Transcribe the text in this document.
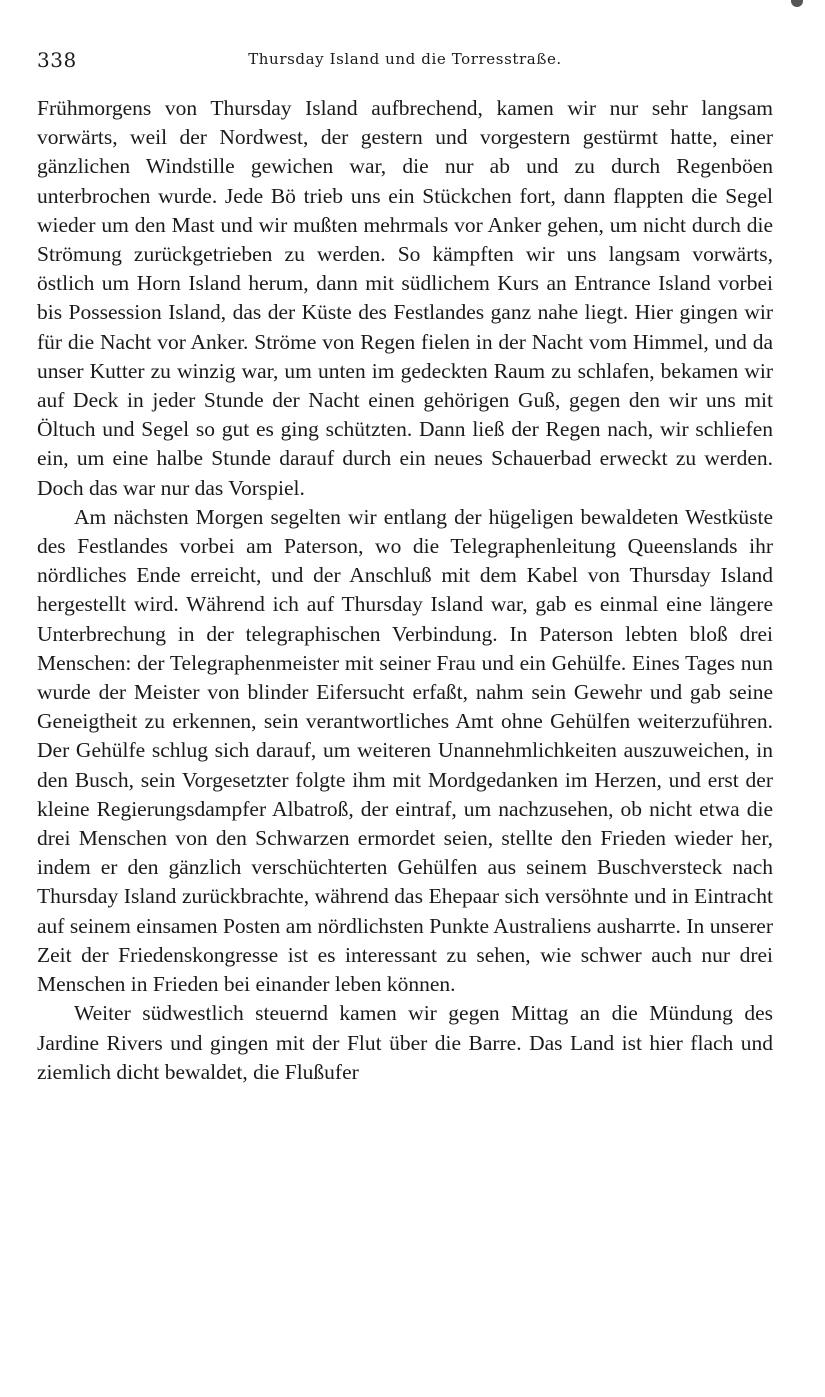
338	Thursday Island und die Torresstraße.

Frühmorgens von Thursday Island aufbrechend, kamen wir nur sehr langsam vorwärts, weil der Nordwest, der gestern und vorgestern gestürmt hatte, einer gänzlichen Windstille gewichen war, die nur ab und zu durch Regenböen unterbrochen wurde. Jede Bö trieb uns ein Stückchen fort, dann flappten die Segel wieder um den Mast und wir mußten mehrmals vor Anker gehen, um nicht durch die Strömung zurückgetrieben zu werden. So kämpften wir uns langsam vorwärts, östlich um Horn Island herum, dann mit südlichem Kurs an Entrance Island vorbei bis Possession Island, das der Küste des Festlandes ganz nahe liegt. Hier gingen wir für die Nacht vor Anker. Ströme von Regen fielen in der Nacht vom Himmel, und da unser Kutter zu winzig war, um unten im gedeckten Raum zu schlafen, bekamen wir auf Deck in jeder Stunde der Nacht einen gehörigen Guß, gegen den wir uns mit Öltuch und Segel so gut es ging schützten. Dann ließ der Regen nach, wir schliefen ein, um eine halbe Stunde darauf durch ein neues Schauerbad erweckt zu werden. Doch das war nur das Vorspiel.

Am nächsten Morgen segelten wir entlang der hügeligen bewaldeten Westküste des Festlandes vorbei am Paterson, wo die Telegraphenleitung Queenslands ihr nördliches Ende erreicht, und der Anschluß mit dem Kabel von Thursday Island hergestellt wird. Während ich auf Thursday Island war, gab es einmal eine längere Unterbrechung in der telegraphischen Verbindung. In Paterson lebten bloß drei Menschen: der Telegraphenmeister mit seiner Frau und ein Gehülfe. Eines Tages nun wurde der Meister von blinder Eifersucht erfaßt, nahm sein Gewehr und gab seine Geneigtheit zu erkennen, sein verantwortliches Amt ohne Gehülfen weiterzuführen. Der Gehülfe schlug sich darauf, um weiteren Unannehmlichkeiten auszuweichen, in den Busch, sein Vorgesetzter folgte ihm mit Mordgedanken im Herzen, und erst der kleine Regierungsdampfer Albatroß, der eintraf, um nachzusehen, ob nicht etwa die drei Menschen von den Schwarzen ermordet seien, stellte den Frieden wieder her, indem er den gänzlich verschüchterten Gehülfen aus seinem Buschversteck nach Thursday Island zurückbrachte, während das Ehepaar sich versöhnte und in Eintracht auf seinem einsamen Posten am nördlichsten Punkte Australiens ausharrte. In unserer Zeit der Friedenskongresse ist es interessant zu sehen, wie schwer auch nur drei Menschen in Frieden bei einander leben können.

Weiter südwestlich steuernd kamen wir gegen Mittag an die Mündung des Jardine Rivers und gingen mit der Flut über die Barre. Das Land ist hier flach und ziemlich dicht bewaldet, die Flußufer
